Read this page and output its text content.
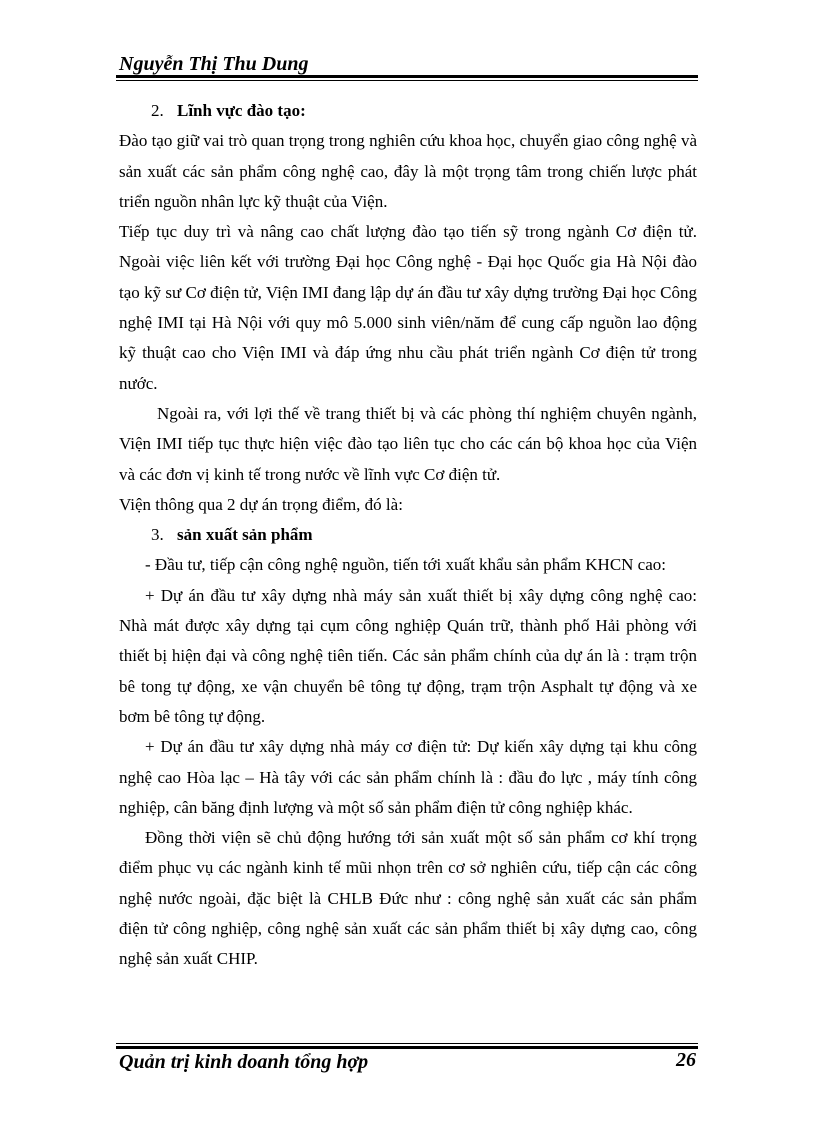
Nguyễn Thị Thu Dung

2. Lĩnh vực đào tạo:

Đào tạo giữ vai trò quan trọng trong nghiên cứu khoa học, chuyển giao công nghệ và sản xuất các sản phẩm công nghệ cao, đây là một trọng tâm trong chiến lược phát triển nguồn nhân lực kỹ thuật của Viện.

Tiếp tục duy trì và nâng cao chất lượng đào tạo tiến sỹ trong ngành Cơ điện tử. Ngoài việc liên kết với trường Đại học Công nghệ - Đại học Quốc gia Hà Nội đào tạo kỹ sư Cơ điện tử, Viện IMI đang lập dự án đầu tư xây dựng trường Đại học Công nghệ IMI tại Hà Nội với quy mô 5.000 sinh viên/năm để cung cấp nguồn lao động kỹ thuật cao cho Viện IMI và đáp ứng nhu cầu phát triển ngành Cơ điện tử trong nước.

Ngoài ra, với lợi thế về trang thiết bị và các phòng thí nghiệm chuyên ngành, Viện IMI tiếp tục thực hiện việc đào tạo liên tục cho các cán bộ khoa học của Viện và các đơn vị kinh tế trong nước về lĩnh vực Cơ điện tử.

Viện thông qua 2 dự án trọng điểm, đó là:

3. sản xuất sản phẩm

- Đầu tư, tiếp cận công nghệ nguồn, tiến tới xuất khẩu sản phẩm KHCN cao:

+ Dự án đầu tư xây dựng nhà máy sản xuất thiết bị xây dựng công nghệ cao: Nhà mát được xây dựng tại cụm công nghiệp Quán trữ, thành phố Hải phòng với thiết bị hiện đại và công nghệ tiên tiến. Các sản phẩm chính của dự án là : trạm trộn bê tong tự động, xe vận chuyển bê tông tự động, trạm trộn Asphalt tự động và xe bơm bê tông tự động.

+ Dự án đầu tư xây dựng nhà máy cơ điện tử: Dự kiến xây dựng tại khu công nghệ cao Hòa lạc – Hà tây với các sản phẩm chính là : đầu đo lực , máy tính công nghiệp, cân băng định lượng và một số sản phẩm điện tử công nghiệp khác.

Đồng thời viện sẽ chủ động hướng tới sản xuất một số sản phẩm cơ khí trọng điểm phục vụ các ngành kinh tế mũi nhọn trên cơ sở nghiên cứu, tiếp cận các công nghệ nước ngoài, đặc biệt là CHLB Đức như : công nghệ sản xuất các sản phẩm điện tử công nghiệp, công nghệ sản xuất các sản phẩm thiết bị xây dựng cao, công nghệ sản xuất CHIP.

Quản trị kinh doanh tổng hợp	26
